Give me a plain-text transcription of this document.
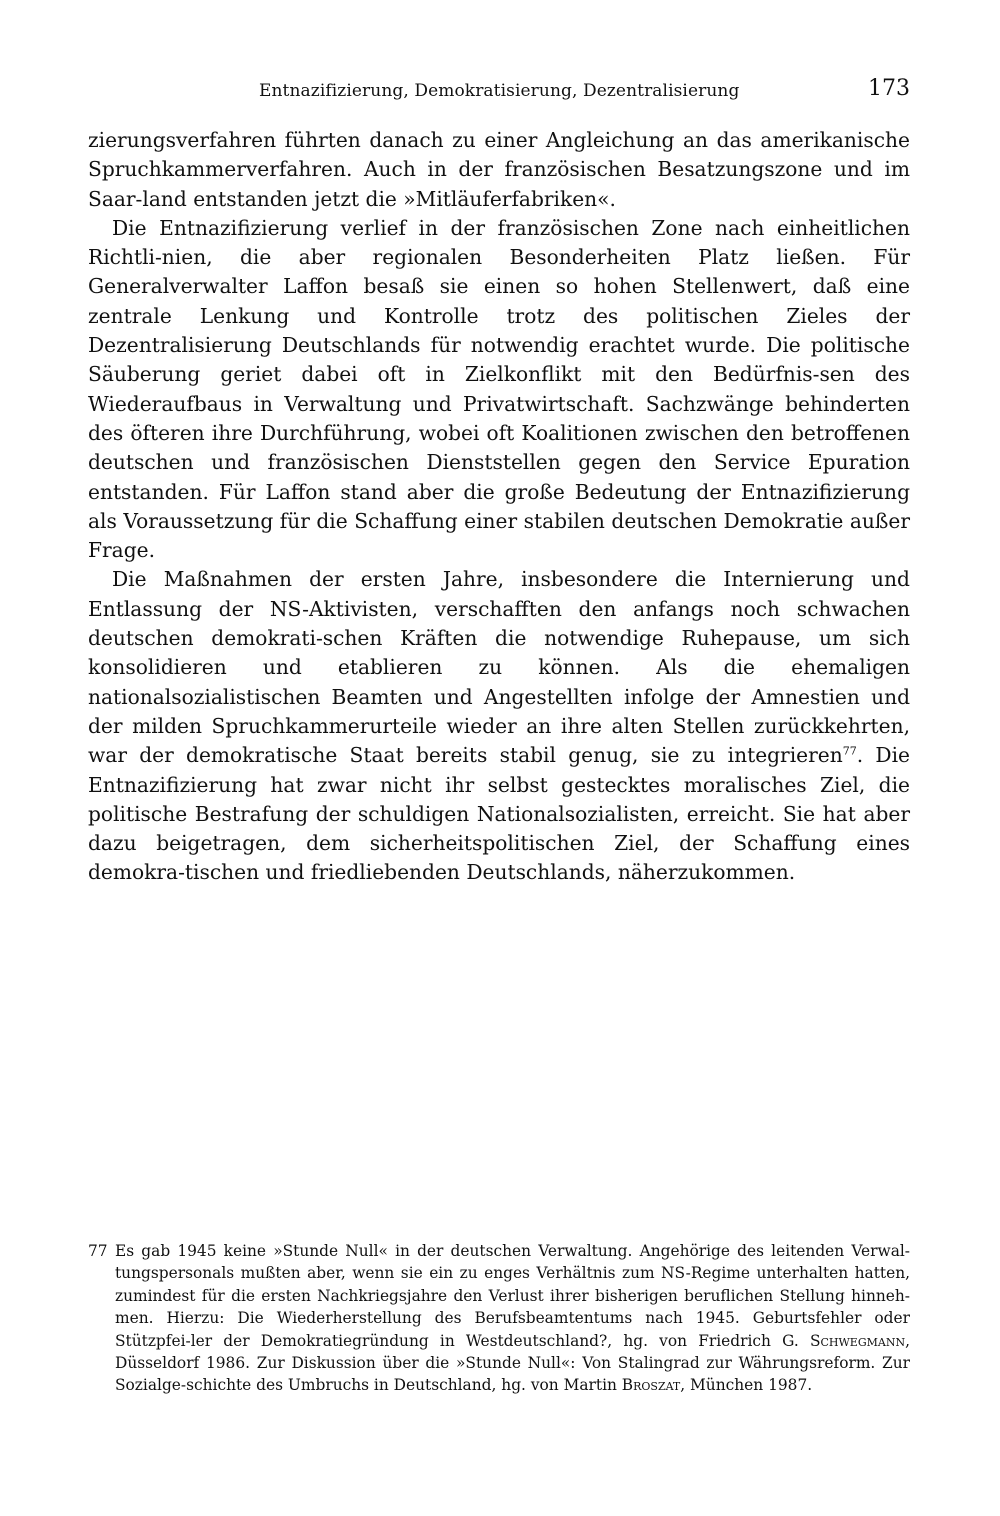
Entnazifizierung, Demokratisierung, Dezentralisierung	173

zierungsverfahren führten danach zu einer Angleichung an das amerikanische Spruchkammerverfahren. Auch in der französischen Besatzungszone und im Saar-land entstanden jetzt die »Mitläuferfabriken«.

Die Entnazifizierung verlief in der französischen Zone nach einheitlichen Richtli-nien, die aber regionalen Besonderheiten Platz ließen. Für Generalverwalter Laffon besaß sie einen so hohen Stellenwert, daß eine zentrale Lenkung und Kontrolle trotz des politischen Zieles der Dezentralisierung Deutschlands für notwendig erachtet wurde. Die politische Säuberung geriet dabei oft in Zielkonflikt mit den Bedürfnis-sen des Wiederaufbaus in Verwaltung und Privatwirtschaft. Sachzwänge behinderten des öfteren ihre Durchführung, wobei oft Koalitionen zwischen den betroffenen deutschen und französischen Dienststellen gegen den Service Epuration entstanden. Für Laffon stand aber die große Bedeutung der Entnazifizierung als Voraussetzung für die Schaffung einer stabilen deutschen Demokratie außer Frage.

Die Maßnahmen der ersten Jahre, insbesondere die Internierung und Entlassung der NS-Aktivisten, verschafften den anfangs noch schwachen deutschen demokrati-schen Kräften die notwendige Ruhepause, um sich konsolidieren und etablieren zu können. Als die ehemaligen nationalsozialistischen Beamten und Angestellten infolge der Amnestien und der milden Spruchkammerurteile wieder an ihre alten Stellen zurückkehrten, war der demokratische Staat bereits stabil genug, sie zu integrieren$^{77}$. Die Entnazifizierung hat zwar nicht ihr selbst gestecktes moralisches Ziel, die politische Bestrafung der schuldigen Nationalsozialisten, erreicht. Sie hat aber dazu beigetragen, dem sicherheitspolitischen Ziel, der Schaffung eines demokra-tischen und friedliebenden Deutschlands, näherzukommen.

77 Es gab 1945 keine »Stunde Null« in der deutschen Verwaltung. Angehörige des leitenden Verwal-tungspersonals mußten aber, wenn sie ein zu enges Verhältnis zum NS-Regime unterhalten hatten, zumindest für die ersten Nachkriegsjahre den Verlust ihrer bisherigen beruflichen Stellung hinneh-men. Hierzu: Die Wiederherstellung des Berufsbeamtentums nach 1945. Geburtsfehler oder Stützpfei-ler der Demokratiegründung in Westdeutschland?, hg. von Friedrich G. Schwegmann, Düsseldorf 1986. Zur Diskussion über die »Stunde Null«: Von Stalingrad zur Währungsreform. Zur Sozialge-schichte des Umbruchs in Deutschland, hg. von Martin Broszat, München 1987.
